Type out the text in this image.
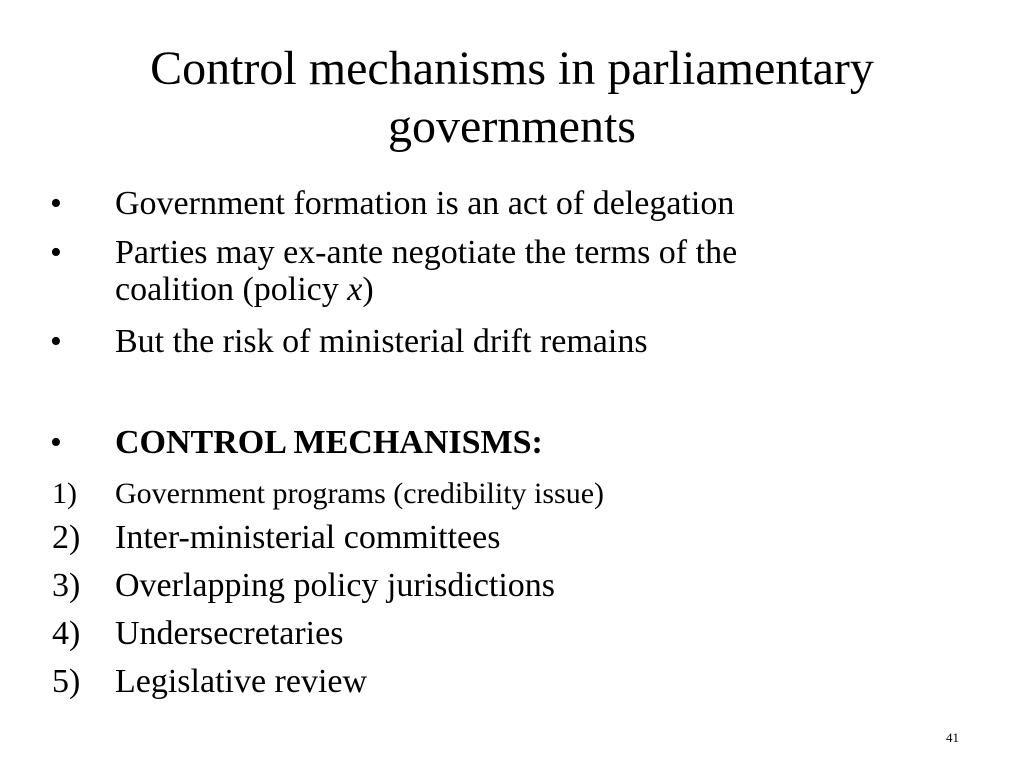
Control mechanisms in parliamentary
governments
•	Government formation is an act of delegation
•	Parties may ex-ante negotiate the terms of the
coalition (policy x)
•	But the risk of ministerial drift remains
•	CONTROL MECHANISMS:
1)	Government programs (credibility issue)
2)	Inter-ministerial committees
3)	Overlapping policy jurisdictions
4)	Undersecretaries
5)	Legislative review
41
